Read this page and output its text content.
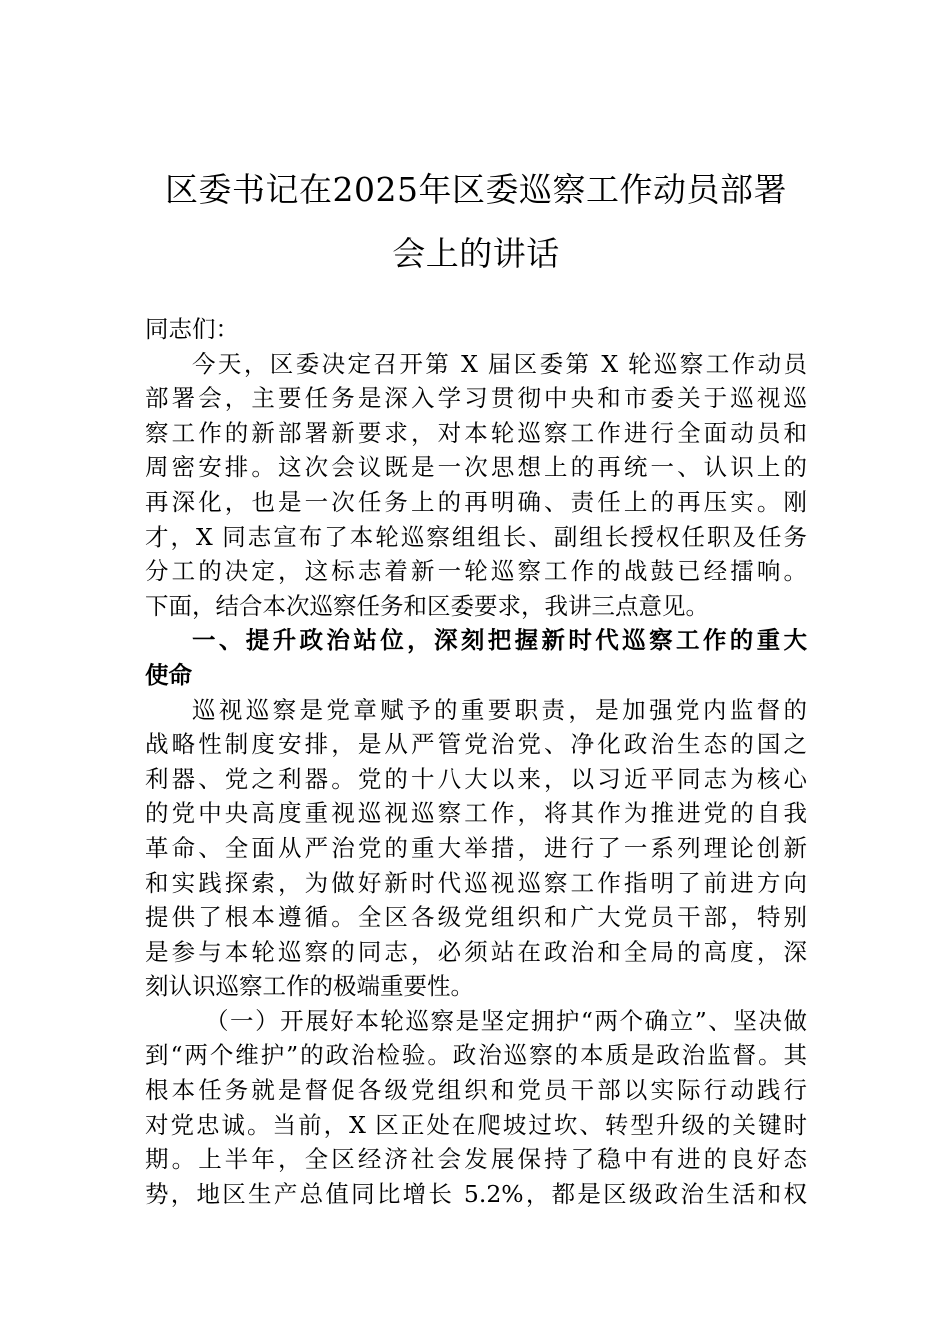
区委书记在2025年区委巡察工作动员部署
会上的讲话
同志们：
今天，区委决定召开第 X 届区委第 X 轮巡察工作动员
部署会，主要任务是深入学习贯彻中央和市委关于巡视巡
察工作的新部署新要求，对本轮巡察工作进行全面动员和
周密安排。这次会议既是一次思想上的再统一、认识上的
再深化，也是一次任务上的再明确、责任上的再压实。刚
才，X 同志宣布了本轮巡察组组长、副组长授权任职及任务
分工的决定，这标志着新一轮巡察工作的战鼓已经擂响。
下面，结合本次巡察任务和区委要求，我讲三点意见。
一、提升政治站位，深刻把握新时代巡察工作的重大
使命
巡视巡察是党章赋予的重要职责，是加强党内监督的
战略性制度安排，是从严管党治党、净化政治生态的国之
利器、党之利器。党的十八大以来，以习近平同志为核心
的党中央高度重视巡视巡察工作，将其作为推进党的自我
革命、全面从严治党的重大举措，进行了一系列理论创新
和实践探索，为做好新时代巡视巡察工作指明了前进方向
提供了根本遵循。全区各级党组织和广大党员干部，特别
是参与本轮巡察的同志，必须站在政治和全局的高度，深
刻认识巡察工作的极端重要性。
（一）开展好本轮巡察是坚定拥护“两个确立”、坚决做
到“两个维护”的政治检验。政治巡察的本质是政治监督。其
根本任务就是督促各级党组织和党员干部以实际行动践行
对党忠诚。当前，X 区正处在爬坡过坎、转型升级的关键时
期。上半年，全区经济社会发展保持了稳中有进的良好态
势，地区生产总值同比增长 5.2%，都是区级政治生活和权
